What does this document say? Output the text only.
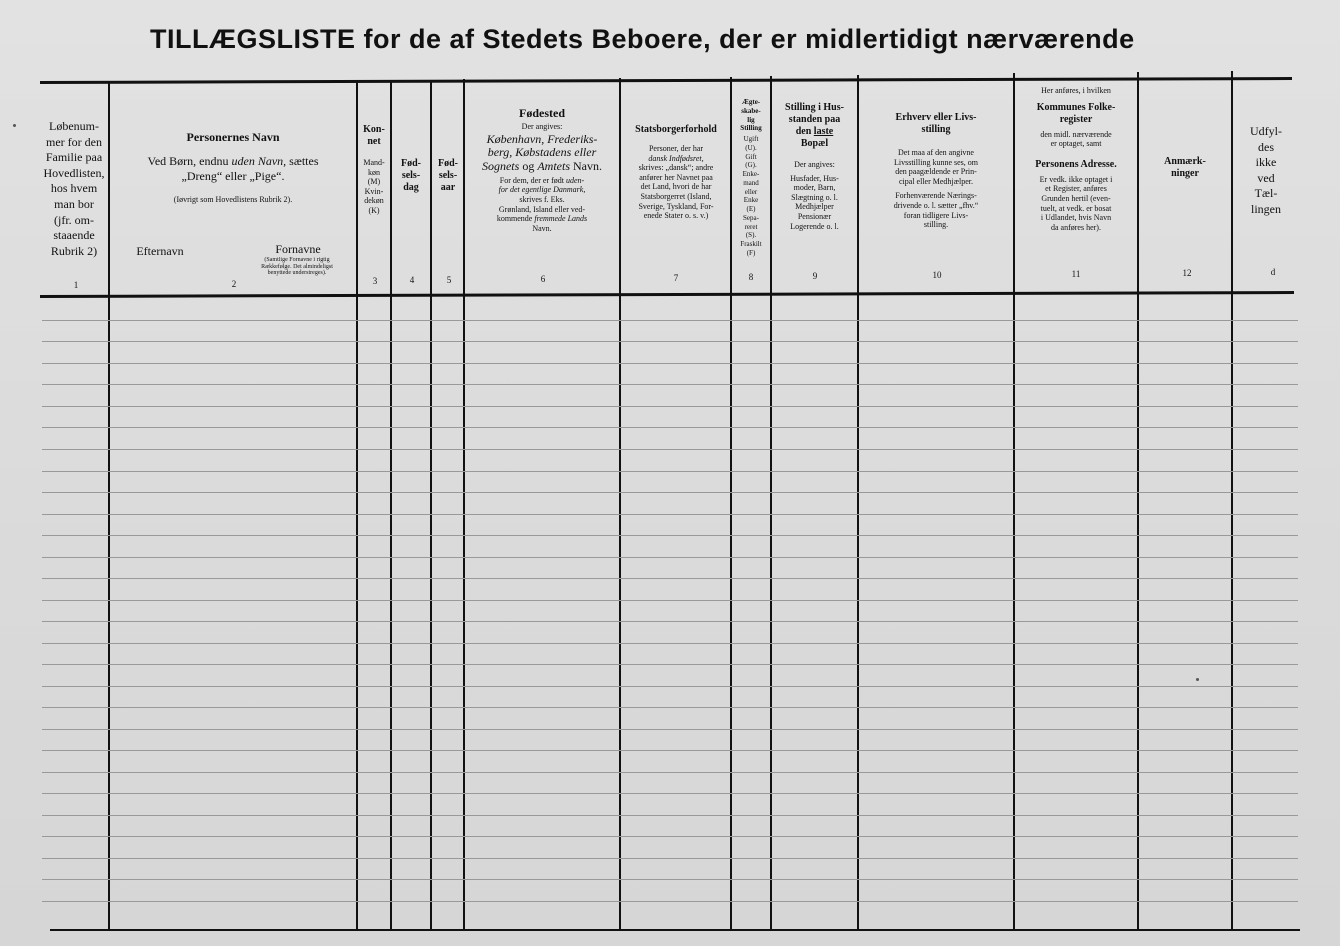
TILLÆGSLISTE for de af Stedets Beboere, der er midlertidigt nærværende
Løbenum-
mer for den
Familie paa
Hovedlisten,
hos hvem
man bor
(jfr. om-
staaende
Rubrik 2)
1
Personernes Navn
Ved Børn, endnu uden Navn, sættes
„Dreng“ eller „Pige“.
(Iøvrigt som Hovedlistens Rubrik 2).
Efternavn	Fornavne
(Samtlige Fornavne i rigtig
Rækkefølge. Det almindeligst
benyttede understreges).
2
Kon-
net
Mand-
køn
(M)
Kvin-
dekøn
(K)
3
Fød-
sels-
dag
4
Fød-
sels-
aar
5
Fødested
Der angives:
København, Frederiks-
berg, Købstadens eller
Sognets og Amtets Navn.
For dem, der er født uden-
for det egentlige Danmark,
skrives f. Eks.
Grønland, Island eller ved-
kommende fremmede Lands
Navn.
6
Statsborgerforhold
Personer, der har
dansk Indfødsret,
skrives: „dansk“; andre
anfører her Navnet paa
det Land, hvori de har
Statsborgerret (Island,
Sverige, Tyskland, For-
enede Stater o. s. v.)
7
Ægte-
skabe-
lig
Stilling
Ugift
(U).
Gift
(G).
Enke-
mand
eller
Enke
(E)
Sepa-
reret
(S).
Fraskilt
(F)
8
Stilling i Hus-
standen paa
den laste
Bopæl
Der angives:
Husfader, Hus-
moder, Barn,
Slægtning o. l.
Medhjælper
Pensionær
Logerende o. l.
9
Erhverv eller Livs-
stilling
Det maa af den angivne
Livsstilling kunne ses, om
den paagældende er Prin-
cipal eller Medhjælper.
Forhenværende Nærings-
drivende o. l. sætter „fhv.“
foran tidligere Livs-
stilling.
10
Her anføres, i hvilken
Kommunes Folke-
register
den midl. nærværende
er optaget, samt
Personens Adresse.
Er vedk. ikke optaget i
et Register, anføres
Grunden hertil (even-
tuelt, at vedk. er bosat
i Udlandet, hvis Navn
da anføres her).
11
Anmærk-
ninger
12
Udfyl-
des
ikke
ved
Tæl-
lingen
d
